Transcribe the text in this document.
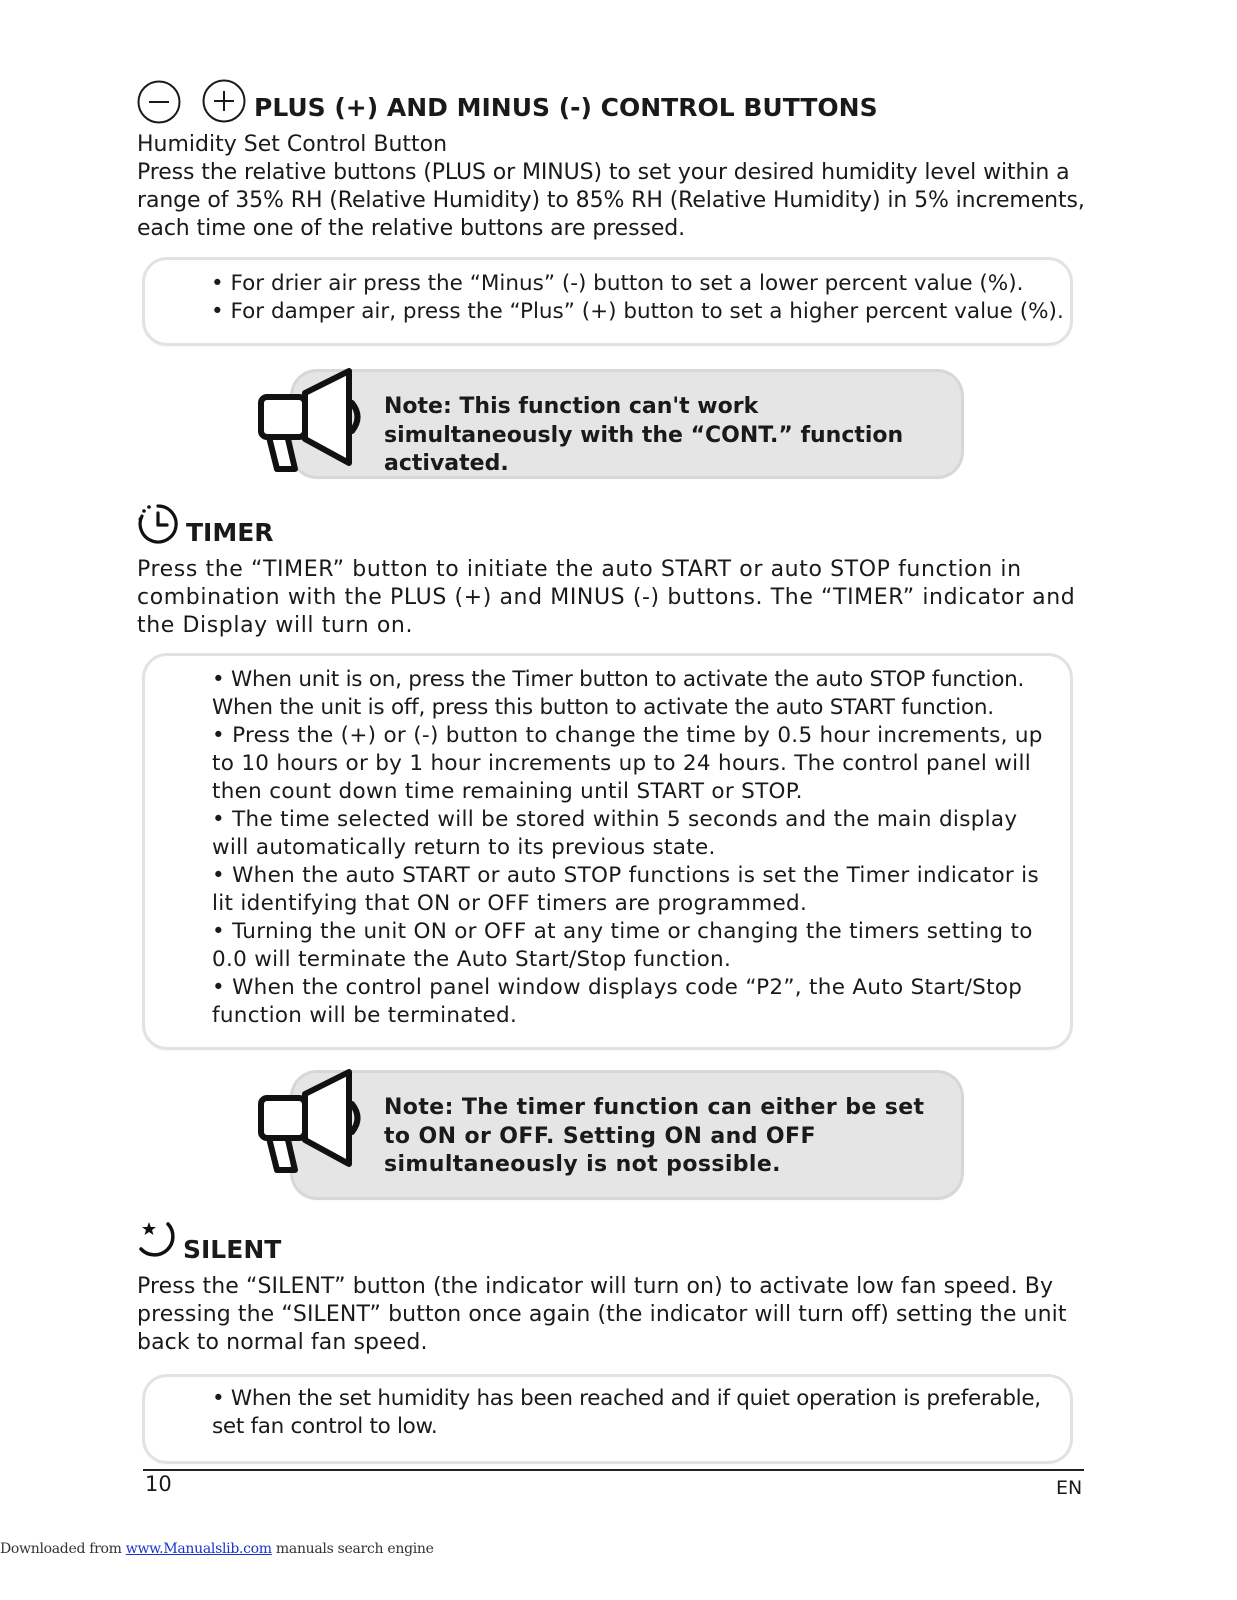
PLUS (+) AND MINUS (-) CONTROL BUTTONS

Humidity Set Control Button

Press the relative buttons (PLUS or MINUS) to set your desired humidity level within a range of 35% RH (Relative Humidity) to 85% RH (Relative Humidity) in 5% increments, each time one of the relative buttons are pressed.

• For drier air press the “Minus” (-) button to set a lower percent value (%).
• For damper air, press the “Plus” (+) button to set a higher percent value (%).
Note: This function can't work simultaneously with the “CONT.” function activated.
TIMER

Press the “TIMER” button to initiate the auto START or auto STOP function in combination with the PLUS (+) and MINUS (-) buttons. The “TIMER” indicator and the Display will turn on.

• When unit is on, press the Timer button to activate the auto STOP function. When the unit is off, press this button to activate the auto START function.
• Press the (+) or (-) button to change the time by 0.5 hour increments, up to 10 hours or by 1 hour increments up to 24 hours. The control panel will then count down time remaining until START or STOP.
• The time selected will be stored within 5 seconds and the main display will automatically return to its previous state.
• When the auto START or auto STOP functions is set the Timer indicator is lit identifying that ON or OFF timers are programmed.
• Turning the unit ON or OFF at any time or changing the timers setting to 0.0 will terminate the Auto Start/Stop function.
• When the control panel window displays code “P2”, the Auto Start/Stop function will be terminated.
Note: The timer function can either be set to ON or OFF. Setting ON and OFF simultaneously is not possible.
SILENT

Press the “SILENT” button (the indicator will turn on) to activate low fan speed. By pressing the “SILENT” button once again (the indicator will turn off) setting the unit back to normal fan speed.

• When the set humidity has been reached and if quiet operation is preferable, set fan control to low.
10	EN
Downloaded from www.Manualslib.com manuals search engine
